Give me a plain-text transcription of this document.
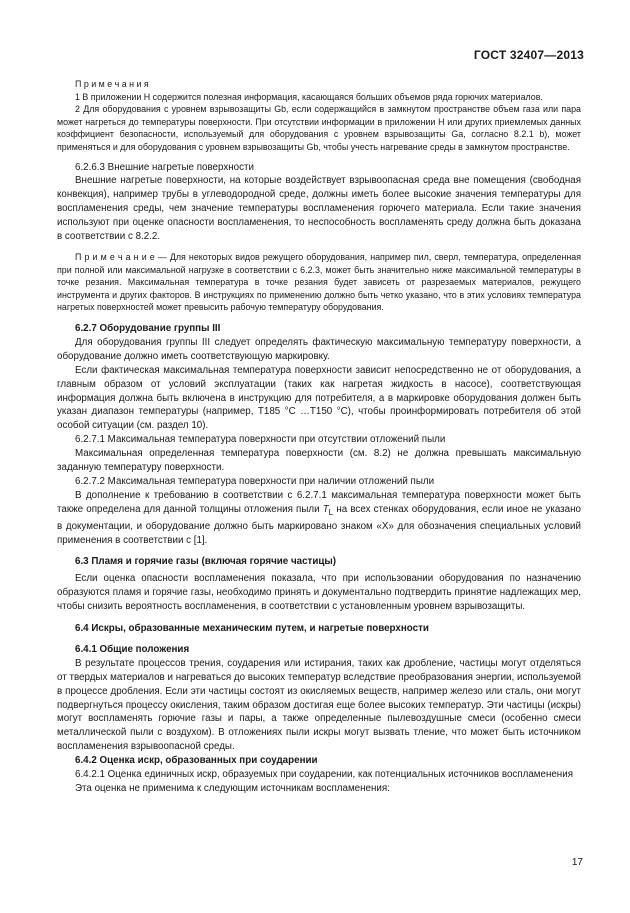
ГОСТ 32407—2013

П р и м е ч а н и я

1 В приложении Н содержится полезная информация, касающаяся больших объемов ряда горючих материалов.

2 Для оборудования с уровнем взрывозащиты Gb, если содержащийся в замкнутом пространстве объем газа или пара может нагреться до температуры поверхности. При отсутствии информации в приложении Н или других приемлемых данных коэффициент безопасности, используемый для оборудования с уровнем взрывозащиты Ga, согласно 8.2.1 b), может применяться и для оборудования с уровнем взрывозащиты Gb, чтобы учесть нагревание среды в замкнутом пространстве.

6.2.6.3 Внешние нагретые поверхности

Внешние нагретые поверхности, на которые воздействует взрывоопасная среда вне помещения (свободная конвекция), например трубы в углеводородной среде, должны иметь более высокие значения температуры для воспламенения среды, чем значение температуры воспламенения горючего материала. Если такие значения используют при оценке опасности воспламенения, то неспособность воспламенять среду должна быть доказана в соответствии с 8.2.2.

П р и м е ч а н и е — Для некоторых видов режущего оборудования, например пил, сверл, температура, определенная при полной или максимальной нагрузке в соответствии с 6.2.3, может быть значительно ниже максимальной температуры в точке резания. Максимальная температура в точке резания будет зависеть от разрезаемых материалов, режущего инструмента и других факторов. В инструкциях по применению должно быть четко указано, что в этих условиях температура нагретых поверхностей может превысить рабочую температуру оборудования.

6.2.7 Оборудование группы III

Для оборудования группы III следует определять фактическую максимальную температуру поверхности, а оборудование должно иметь соответствующую маркировку.

Если фактическая максимальная температура поверхности зависит непосредственно не от оборудования, а главным образом от условий эксплуатации (таких как нагретая жидкость в насосе), соответствующая информация должна быть включена в инструкцию для потребителя, а в маркировке оборудования должен быть указан диапазон температуры (например, T185 °C …T150 °C), чтобы проинформировать потребителя об этой особой ситуации (см. раздел 10).

6.2.7.1 Максимальная температура поверхности при отсутствии отложений пыли

Максимальная определенная температура поверхности (см. 8.2) не должна превышать максимальную заданную температуру поверхности.

6.2.7.2 Максимальная температура поверхности при наличии отложений пыли

В дополнение к требованию в соответствии с 6.2.7.1 максимальная температура поверхности может быть также определена для данной толщины отложения пыли $T_L$ на всех стенках оборудования, если иное не указано в документации, и оборудование должно быть маркировано знаком «X» для обозначения специальных условий применения в соответствии с [1].

6.3 Пламя и горячие газы (включая горячие частицы)

Если оценка опасности воспламенения показала, что при использовании оборудования по назначению образуются пламя и горячие газы, необходимо принять и документально подтвердить принятие надлежащих мер, чтобы снизить вероятность воспламенения, в соответствии с установленным уровнем взрывозащиты.

6.4 Искры, образованные механическим путем, и нагретые поверхности

6.4.1 Общие положения

В результате процессов трения, соударения или истирания, таких как дробление, частицы могут отделяться от твердых материалов и нагреваться до высоких температур вследствие преобразования энергии, используемой в процессе дробления. Если эти частицы состоят из окисляемых веществ, например железо или сталь, они могут подвергнуться процессу окисления, таким образом достигая еще более высоких температур. Эти частицы (искры) могут воспламенять горючие газы и пары, а также определенные пылевоздушные смеси (особенно смеси металлической пыли с воздухом). В отложениях пыли искры могут вызвать тление, что может быть источником воспламенения взрывоопасной среды.

6.4.2 Оценка искр, образованных при соударении

6.4.2.1 Оценка единичных искр, образуемых при соударении, как потенциальных источников воспламенения

Эта оценка не применима к следующим источникам воспламенения:

17
